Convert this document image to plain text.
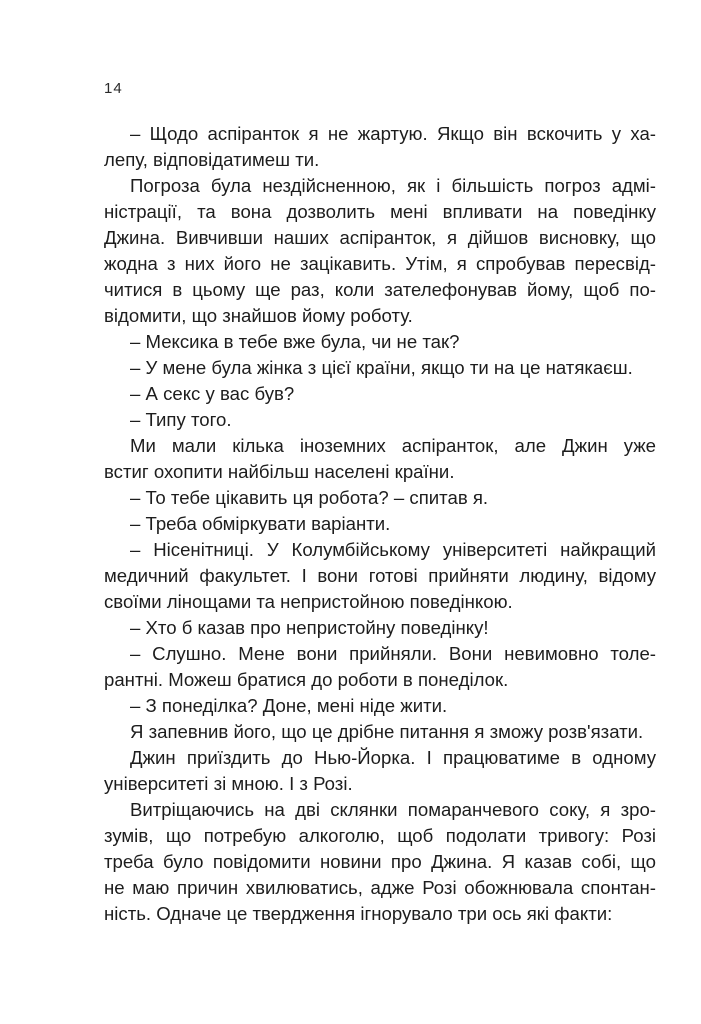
14

– Щодо аспіранток я не жартую. Якщо він вскочить у ха-
лепу, відповідатимеш ти.

Погроза була нездійсненною, як і більшість погроз адмі-
ністрації, та вона дозволить мені впливати на поведінку
Джина. Вивчивши наших аспіранток, я дійшов висновку, що
жодна з них його не зацікавить. Утім, я спробував пересвід-
читися в цьому ще раз, коли зателефонував йому, щоб по-
відомити, що знайшов йому роботу.

– Мексика в тебе вже була, чи не так?

– У мене була жінка з цієї країни, якщо ти на це натякаєш.

– А секс у вас був?

– Типу того.

Ми мали кілька іноземних аспіранток, але Джин уже
встиг охопити найбільш населені країни.

– То тебе цікавить ця робота? – спитав я.

– Треба обміркувати варіанти.

– Нісенітниці. У Колумбійському університеті найкращий
медичний факультет. І вони готові прийняти людину, відому
своїми лінощами та непристойною поведінкою.

– Хто б казав про непристойну поведінку!

– Слушно. Мене вони прийняли. Вони невимовно толе-
рантні. Можеш братися до роботи в понеділок.

– З понеділка? Доне, мені ніде жити.

Я запевнив його, що це дрібне питання я зможу розв'язати.

Джин приїздить до Нью-Йорка. І працюватиме в одному
університеті зі мною. І з Розі.

Витріщаючись на дві склянки помаранчевого соку, я зро-
зумів, що потребую алкоголю, щоб подолати тривогу: Розі
треба було повідомити новини про Джина. Я казав собі, що
не маю причин хвилюватись, адже Розі обожнювала спонтан-
ність. Одначе це твердження ігнорувало три ось які факти:
